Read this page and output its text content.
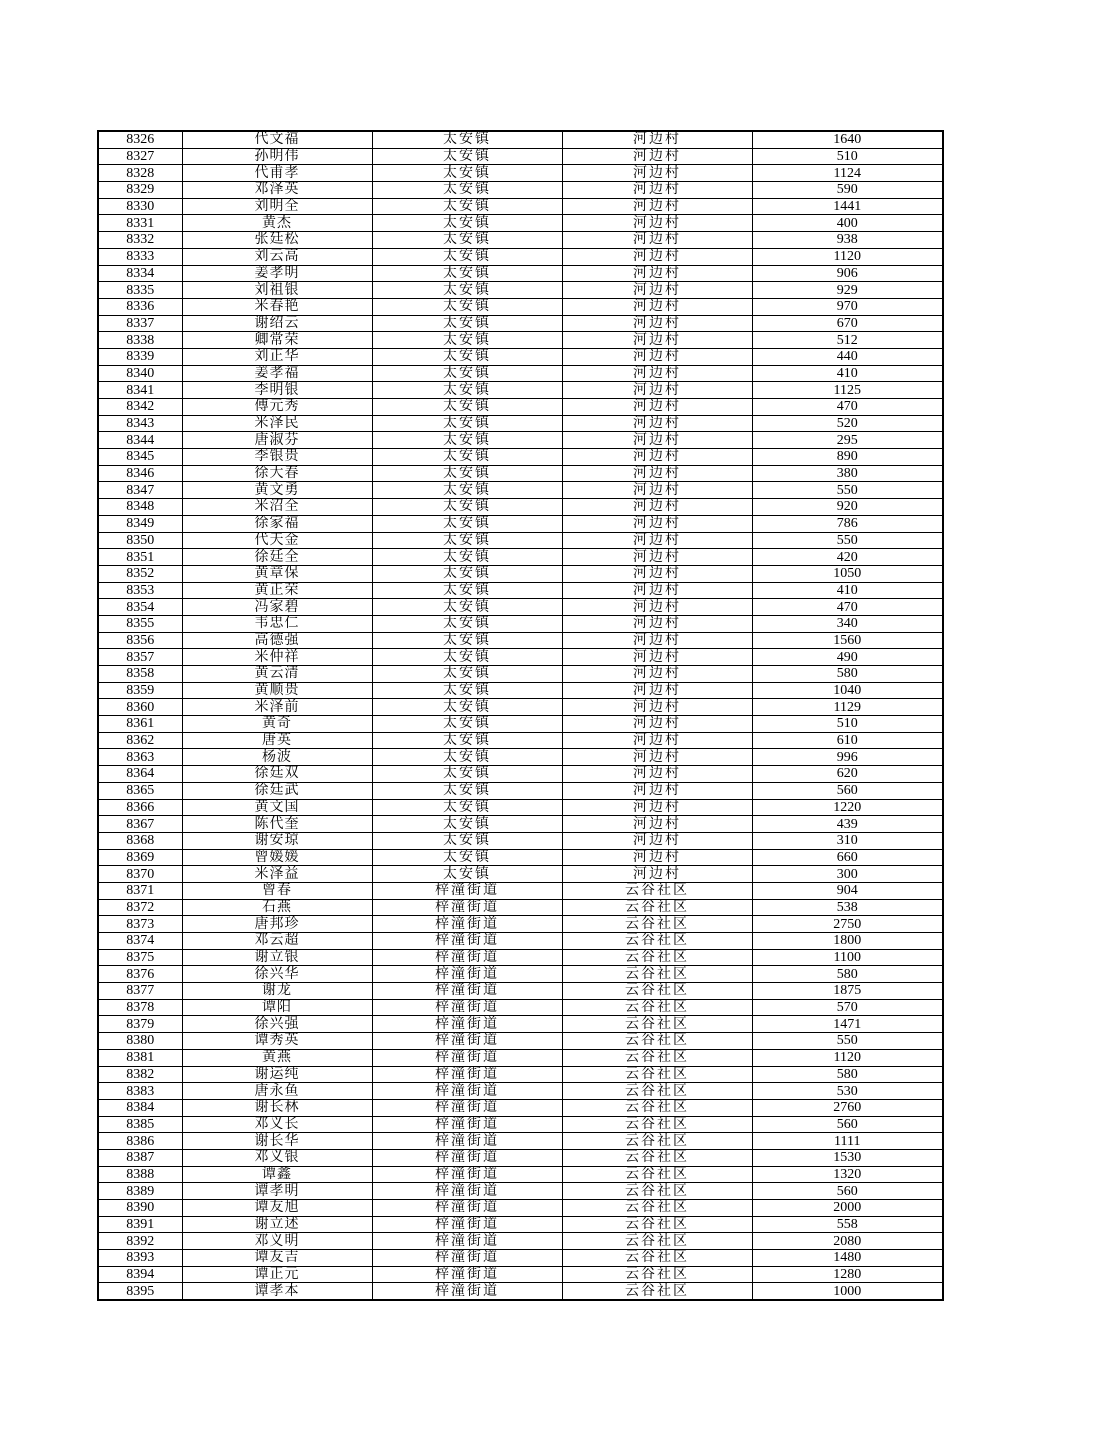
8326	代文福	太安镇	河边村	1640
8327	孙明伟	太安镇	河边村	510
8328	代甫孝	太安镇	河边村	1124
8329	邓泽英	太安镇	河边村	590
8330	刘明全	太安镇	河边村	1441
8331	黄杰	太安镇	河边村	400
8332	张廷松	太安镇	河边村	938
8333	刘云高	太安镇	河边村	1120
8334	姜孝明	太安镇	河边村	906
8335	刘祖银	太安镇	河边村	929
8336	米春艳	太安镇	河边村	970
8337	谢绍云	太安镇	河边村	670
8338	卿常荣	太安镇	河边村	512
8339	刘正华	太安镇	河边村	440
8340	姜孝福	太安镇	河边村	410
8341	李明银	太安镇	河边村	1125
8342	傅元秀	太安镇	河边村	470
8343	米泽民	太安镇	河边村	520
8344	唐淑芬	太安镇	河边村	295
8345	李银贵	太安镇	河边村	890
8346	徐大春	太安镇	河边村	380
8347	黄文勇	太安镇	河边村	550
8348	米沼全	太安镇	河边村	920
8349	徐家福	太安镇	河边村	786
8350	代天金	太安镇	河边村	550
8351	徐廷全	太安镇	河边村	420
8352	黄章保	太安镇	河边村	1050
8353	黄正荣	太安镇	河边村	410
8354	冯家碧	太安镇	河边村	470
8355	韦忠仁	太安镇	河边村	340
8356	高德强	太安镇	河边村	1560
8357	米仲祥	太安镇	河边村	490
8358	黄云清	太安镇	河边村	580
8359	黄顺贵	太安镇	河边村	1040
8360	米泽前	太安镇	河边村	1129
8361	黄奇	太安镇	河边村	510
8362	唐英	太安镇	河边村	610
8363	杨波	太安镇	河边村	996
8364	徐廷双	太安镇	河边村	620
8365	徐廷武	太安镇	河边村	560
8366	黄文国	太安镇	河边村	1220
8367	陈代奎	太安镇	河边村	439
8368	谢安琼	太安镇	河边村	310
8369	曾媛媛	太安镇	河边村	660
8370	米泽益	太安镇	河边村	300
8371	曾春	梓潼街道	云谷社区	904
8372	石燕	梓潼街道	云谷社区	538
8373	唐邦珍	梓潼街道	云谷社区	2750
8374	邓云超	梓潼街道	云谷社区	1800
8375	谢立银	梓潼街道	云谷社区	1100
8376	徐兴华	梓潼街道	云谷社区	580
8377	谢龙	梓潼街道	云谷社区	1875
8378	谭阳	梓潼街道	云谷社区	570
8379	徐兴强	梓潼街道	云谷社区	1471
8380	谭秀英	梓潼街道	云谷社区	550
8381	黄燕	梓潼街道	云谷社区	1120
8382	谢运纯	梓潼街道	云谷社区	580
8383	唐永鱼	梓潼街道	云谷社区	530
8384	谢长林	梓潼街道	云谷社区	2760
8385	邓义长	梓潼街道	云谷社区	560
8386	谢长华	梓潼街道	云谷社区	1111
8387	邓义银	梓潼街道	云谷社区	1530
8388	谭鑫	梓潼街道	云谷社区	1320
8389	谭孝明	梓潼街道	云谷社区	560
8390	谭友旭	梓潼街道	云谷社区	2000
8391	谢立述	梓潼街道	云谷社区	558
8392	邓义明	梓潼街道	云谷社区	2080
8393	谭友吉	梓潼街道	云谷社区	1480
8394	谭正元	梓潼街道	云谷社区	1280
8395	谭孝本	梓潼街道	云谷社区	1000
